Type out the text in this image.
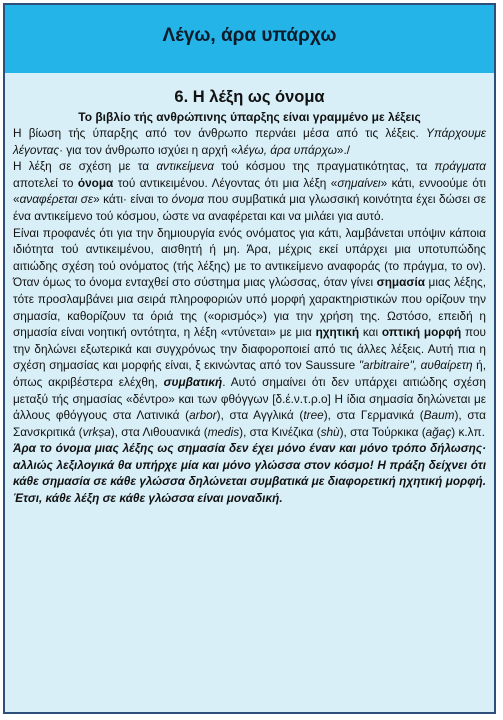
Λέγω, άρα υπάρχω
6. Η λέξη ως όνομα
Το βιβλίο τής ανθρώπινης ύπαρξης είναι γραμμένο με λέξεις

Η βίωση τής ύπαρξης από τον άνθρωπο περνάει μέσα από τις λέξεις. Υπάρχουμε λέγοντας· για τον άνθρωπο ισχύει η αρχή «λέγω, άρα υπάρχω»./

Η λέξη σε σχέση με τα αντικείμενα τού κόσμου της πραγματικότητας, τα πράγματα αποτελεί το όνομα τού αντικειμένου. Λέγοντας ότι μια λέξη «σημαίνει» κάτι, εννοούμε ότι «αναφέρεται σε» κάτι· είναι το όνομα που συμβατικά μια γλωσσική κοινότητα έχει δώσει σε ένα αντικείμενο τού κόσμου, ώστε να αναφέρεται και να μιλάει για αυτό.

Είναι προφανές ότι για την δημιουργία ενός ονόματος για κάτι, λαμβάνεται υπόψιν κάποια ιδιότητα τού αντικειμένου, αισθητή ή μη. Άρα, μέχρις εκεί υπάρχει μια υποτυπώδης αιτιώδης σχέση τού ονόματος (τής λέξης) με το αντικείμενο αναφοράς (το πράγμα, το ον). Όταν όμως το όνομα ενταχθεί στο σύστημα μιας γλώσσας, όταν γίνει σημασία μιας λέξης, τότε προσλαμβάνει μια σειρά πληροφοριών υπό μορφή χαρακτηριστικών που ορίζουν την σημασία, καθορίζουν τα όριά της («ορισμός») για την χρήση της. Ωστόσο, επειδή η σημασία είναι νοητική οντότητα, η λέξη «ντύνεται» με μια ηχητική και οπτική μορφή που την δηλώνει εξωτερικά και συγχρόνως την διαφοροποιεί από τις άλλες λέξεις. Αυτή πια η σχέση σημασίας και μορφής είναι, ξ εκινώντας από τον Saussure "arbitraire", αυθαίρετη ή, όπως ακριβέστερα ελέχθη, συμβατική. Αυτό σημαίνει ότι δεν υπάρχει αιτιώδης σχέση μεταξύ τής σημασίας «δέντρο» και των φθόγγων [δ.έ.ν.τ.ρ.ο] Η ίδια σημασία δηλώνεται με άλλους φθόγγους στα Λατινικά (arbor), στα Αγγλικά (tree), στα Γερμανικά (Baum), στα Σανσκριτικά (vrkṣa), στα Λιθουανικά (medis), στα Κινέζικα (shù), στα Τούρκικα (ağaç) κ.λπ.

Άρα το όνομα μιας λέξης ως σημασία δεν έχει μόνο έναν και μόνο τρόπο δήλωσης· αλλιώς λεξιλογικά θα υπήρχε μία και μόνο γλώσσα στον κόσμο! Η πράξη δείχνει ότι κάθε σημασία σε κάθε γλώσσα δηλώνεται συμβατικά με διαφορετική ηχητική μορφή. Έτσι, κάθε λέξη σε κάθε γλώσσα είναι μοναδική.
